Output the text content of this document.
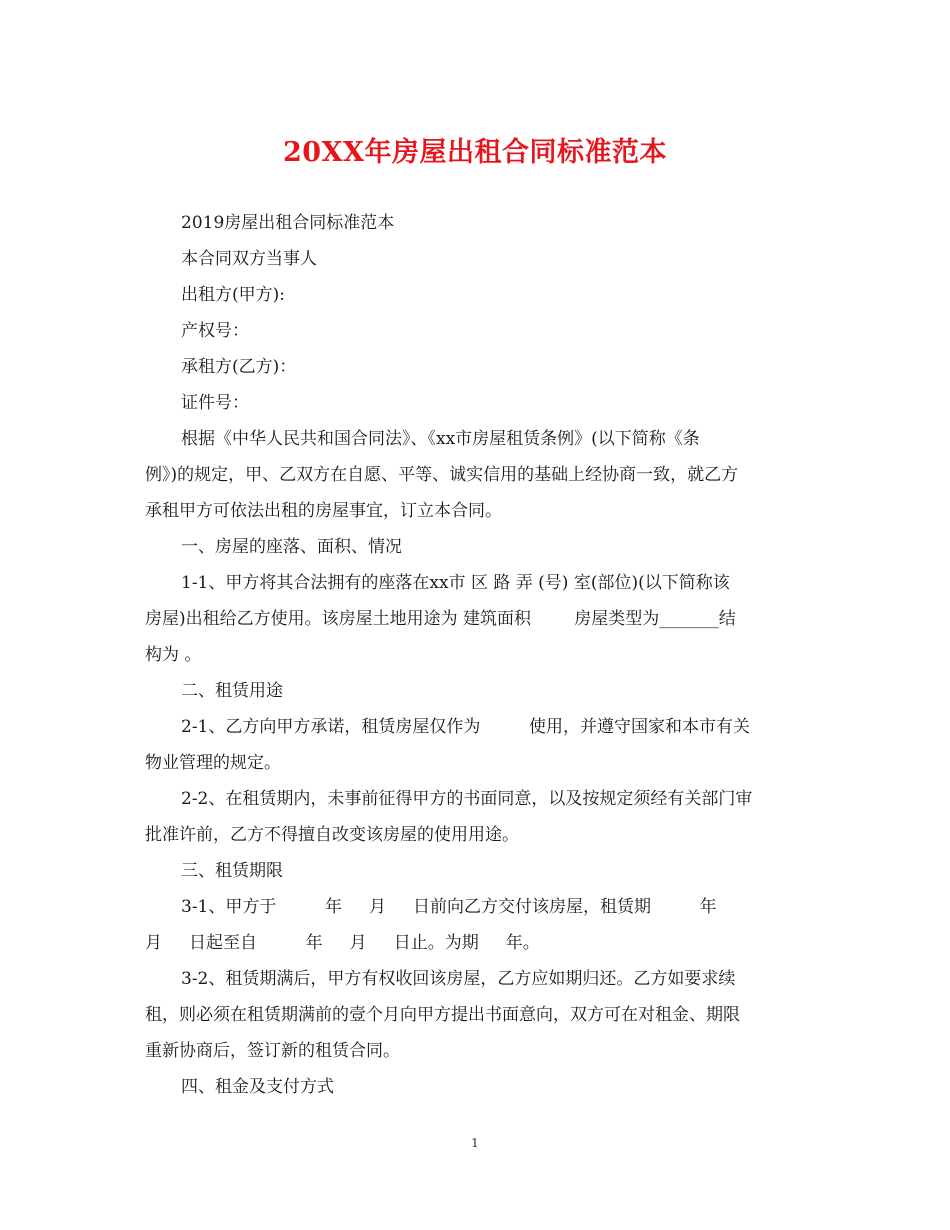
20XX年房屋出租合同标准范本
2019房屋出租合同标准范本
本合同双方当事人
出租方(甲方):
产权号：
承租方(乙方)：
证件号：
根据《中华人民共和国合同法》、《xx市房屋租赁条例》(以下简称《条
例》)的规定，甲、乙双方在自愿、平等、诚实信用的基础上经协商一致，就乙方
承租甲方可依法出租的房屋事宜，订立本合同。
一、房屋的座落、面积、情况
1-1、甲方将其合法拥有的座落在xx市 区 路 弄 (号) 室(部位)(以下简称该
房屋)出租给乙方使用。该房屋土地用途为 建筑面积        房屋类型为_______结
构为 。
二、租赁用途
2-1、乙方向甲方承诺，租赁房屋仅作为         使用，并遵守国家和本市有关
物业管理的规定。
2-2、在租赁期内，未事前征得甲方的书面同意，以及按规定须经有关部门审
批准许前，乙方不得擅自改变该房屋的使用用途。
三、租赁期限
3-1、甲方于         年     月     日前向乙方交付该房屋，租赁期         年
月     日起至自         年     月     日止。为期     年。
3-2、租赁期满后，甲方有权收回该房屋，乙方应如期归还。乙方如要求续
租，则必须在租赁期满前的壹个月向甲方提出书面意向，双方可在对租金、期限
重新协商后，签订新的租赁合同。
四、租金及支付方式
1
